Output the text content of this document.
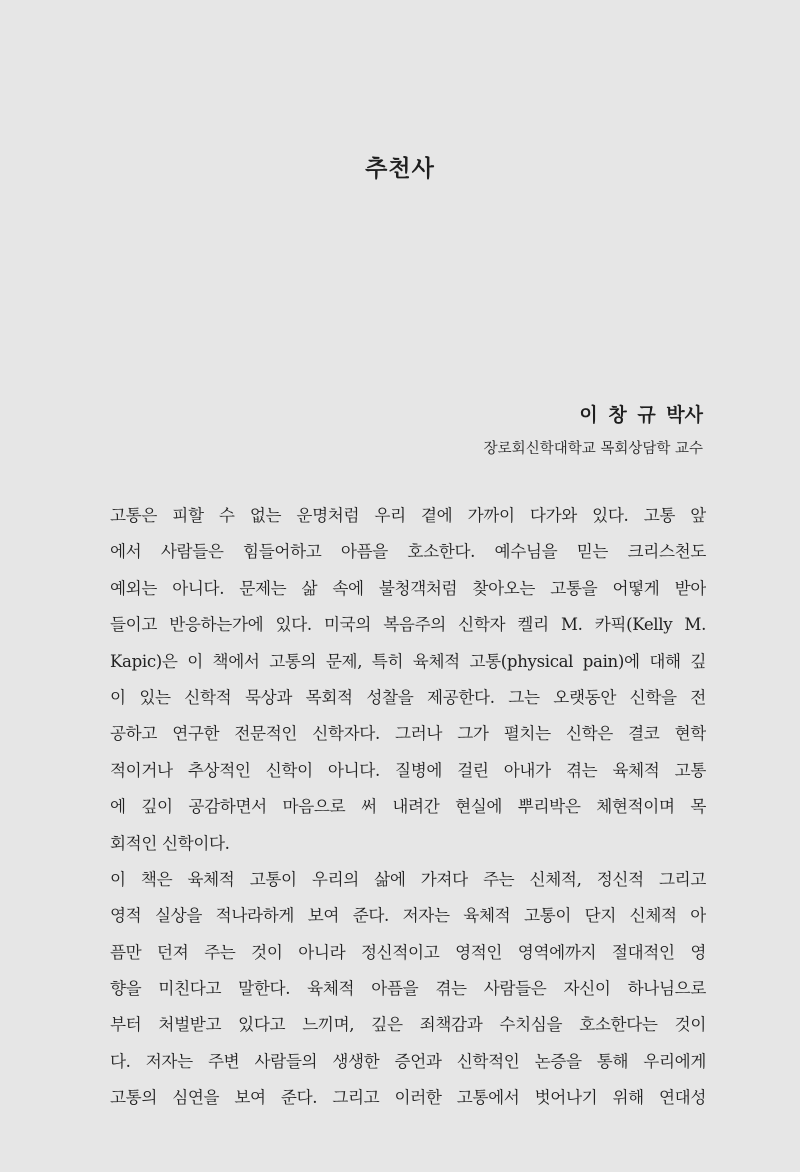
추천사
이 창 규 박사
장로회신학대학교 목회상담학 교수
고통은 피할 수 없는 운명처럼 우리 곁에 가까이 다가와 있다. 고통 앞
에서 사람들은 힘들어하고 아픔을 호소한다. 예수님을 믿는 크리스천도
예외는 아니다. 문제는 삶 속에 불청객처럼 찾아오는 고통을 어떻게 받아
들이고 반응하는가에 있다. 미국의 복음주의 신학자 켈리 M. 카픽(Kelly M.
Kapic)은 이 책에서 고통의 문제, 특히 육체적 고통(physical pain)에 대해 깊
이 있는 신학적 묵상과 목회적 성찰을 제공한다. 그는 오랫동안 신학을 전
공하고 연구한 전문적인 신학자다. 그러나 그가 펼치는 신학은 결코 현학
적이거나 추상적인 신학이 아니다. 질병에 걸린 아내가 겪는 육체적 고통
에 깊이 공감하면서 마음으로 써 내려간 현실에 뿌리박은 체현적이며 목
회적인 신학이다.
이 책은 육체적 고통이 우리의 삶에 가져다 주는 신체적, 정신적 그리고
영적 실상을 적나라하게 보여 준다. 저자는 육체적 고통이 단지 신체적 아
픔만 던져 주는 것이 아니라 정신적이고 영적인 영역에까지 절대적인 영
향을 미친다고 말한다. 육체적 아픔을 겪는 사람들은 자신이 하나님으로
부터 처벌받고 있다고 느끼며, 깊은 죄책감과 수치심을 호소한다는 것이
다. 저자는 주변 사람들의 생생한 증언과 신학적인 논증을 통해 우리에게
고통의 심연을 보여 준다. 그리고 이러한 고통에서 벗어나기 위해 연대성
